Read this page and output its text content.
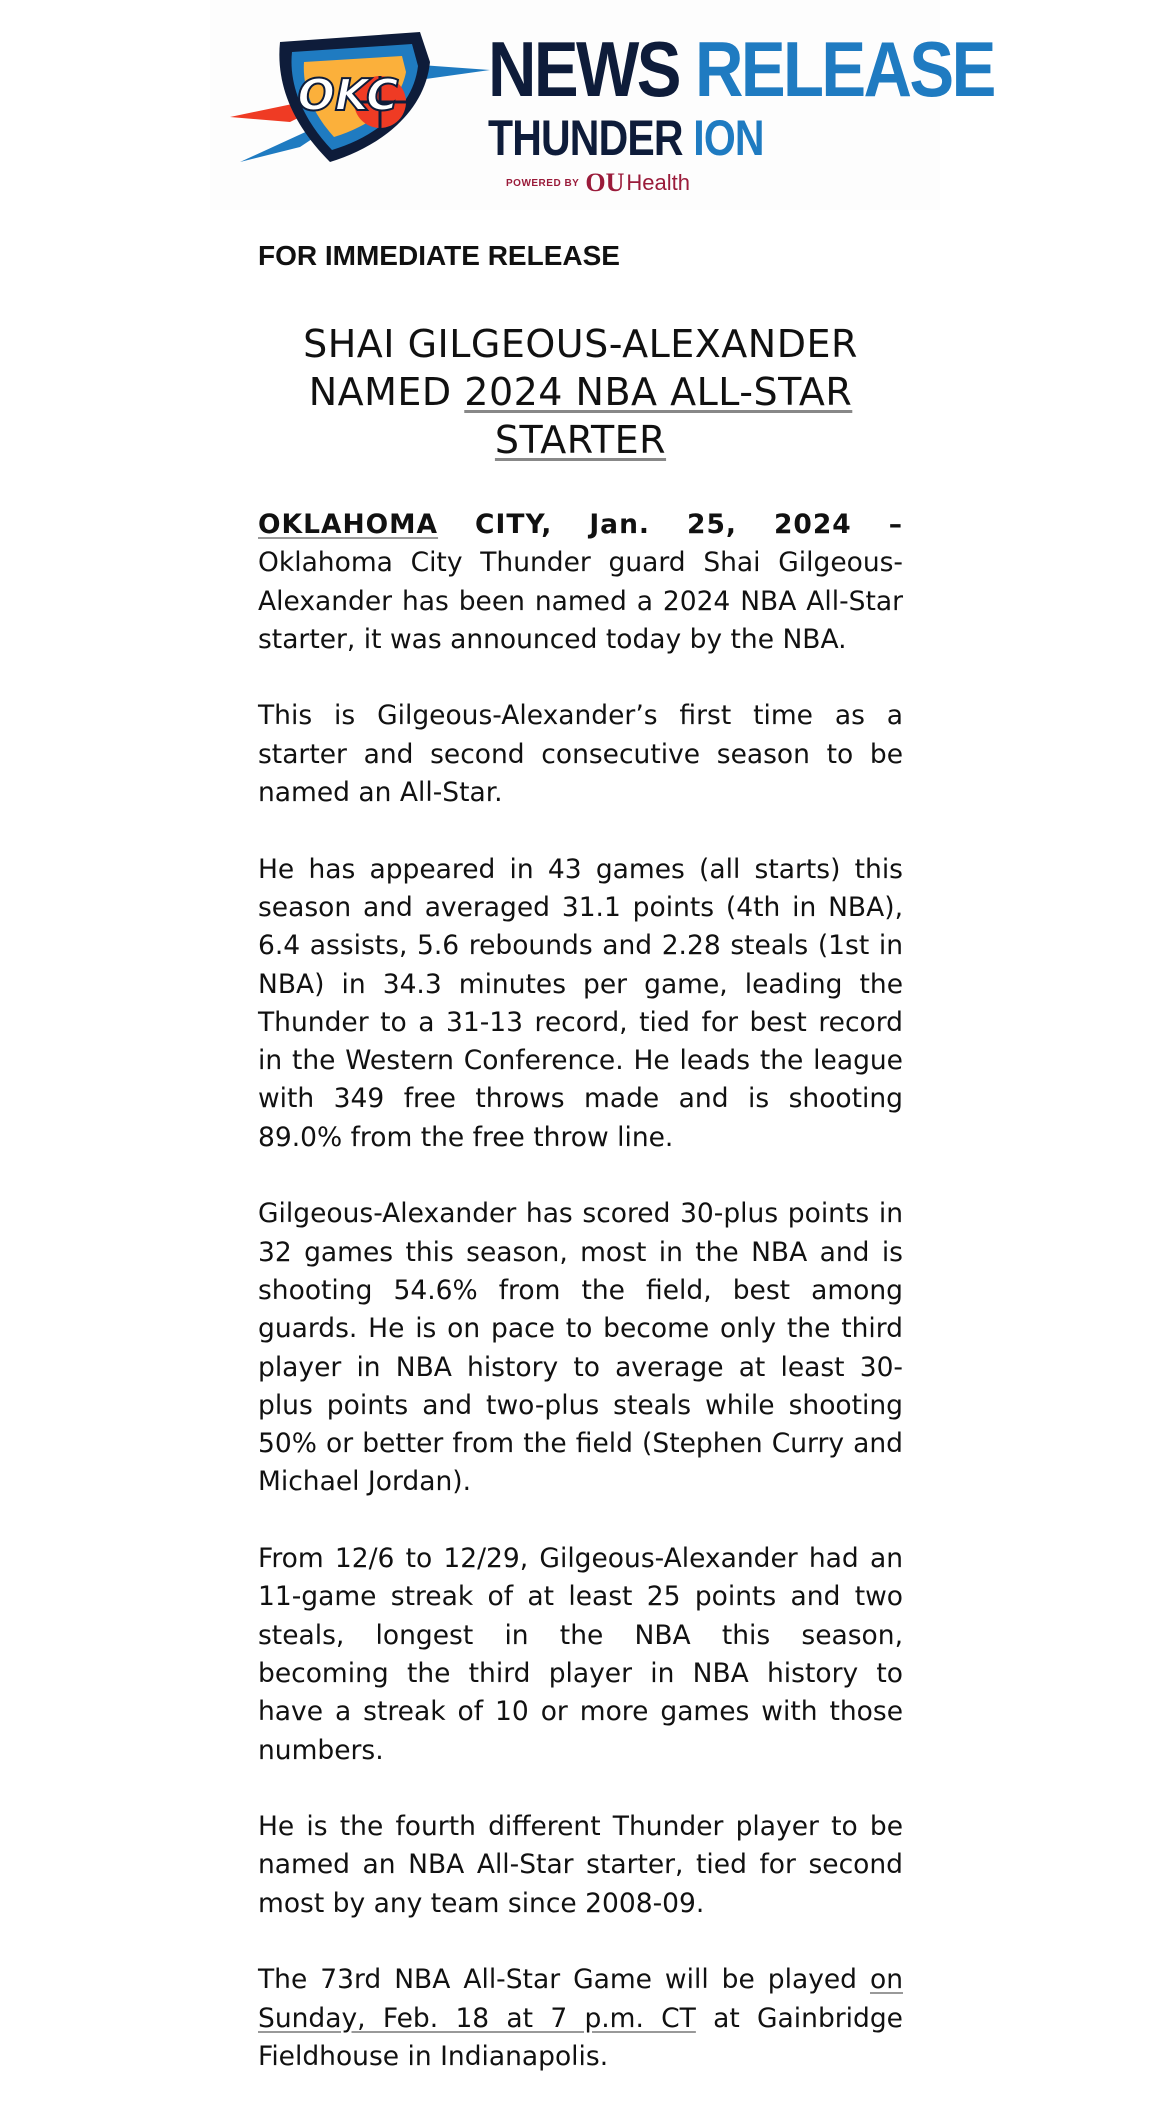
OKC NEWS RELEASE
THUNDER ION
POWERED BY OU Health
FOR IMMEDIATE RELEASE
SHAI GILGEOUS-ALEXANDER NAMED 2024 NBA ALL-STAR STARTER

OKLAHOMA CITY, Jan. 25, 2024 – Oklahoma City Thunder guard Shai Gilgeous-Alexander has been named a 2024 NBA All-Star starter, it was announced today by the NBA.

This is Gilgeous-Alexander’s first time as a starter and second consecutive season to be named an All-Star.

He has appeared in 43 games (all starts) this season and averaged 31.1 points (4th in NBA), 6.4 assists, 5.6 rebounds and 2.28 steals (1st in NBA) in 34.3 minutes per game, leading the Thunder to a 31-13 record, tied for best record in the Western Conference. He leads the league with 349 free throws made and is shooting 89.0% from the free throw line.

Gilgeous-Alexander has scored 30-plus points in 32 games this season, most in the NBA and is shooting 54.6% from the field, best among guards. He is on pace to become only the third player in NBA history to average at least 30-plus points and two-plus steals while shooting 50% or better from the field (Stephen Curry and Michael Jordan).

From 12/6 to 12/29, Gilgeous-Alexander had an 11-game streak of at least 25 points and two steals, longest in the NBA this season, becoming the third player in NBA history to have a streak of 10 or more games with those numbers.

He is the fourth different Thunder player to be named an NBA All-Star starter, tied for second most by any team since 2008-09.

The 73rd NBA All-Star Game will be played on Sunday, Feb. 18 at 7 p.m. CT at Gainbridge Fieldhouse in Indianapolis.
